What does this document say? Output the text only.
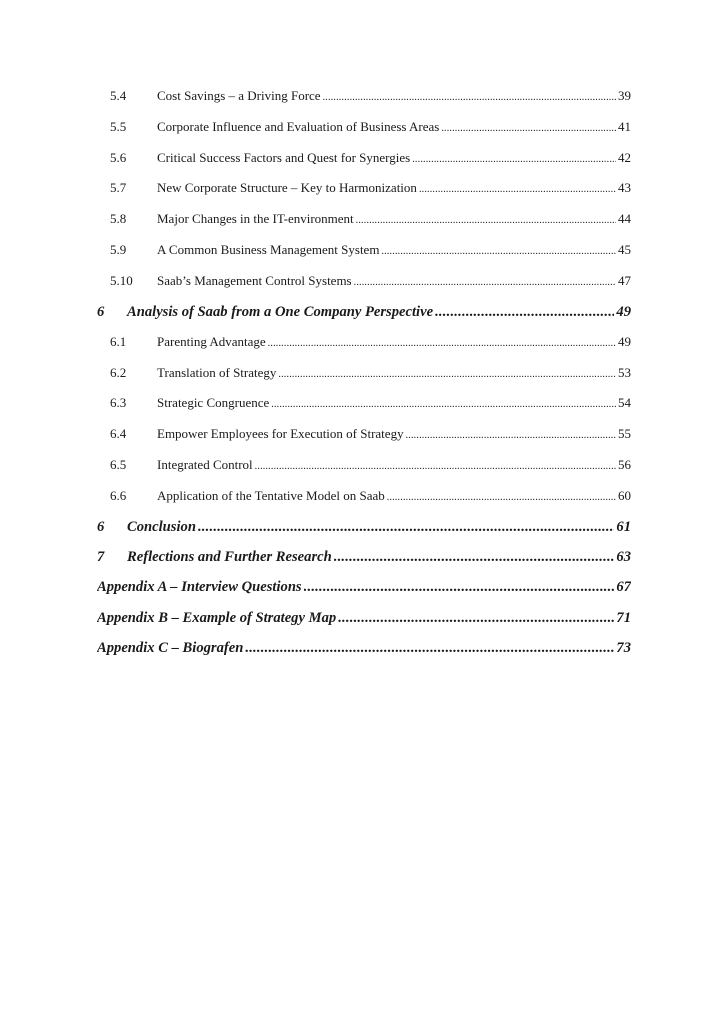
5.4	Cost Savings – a Driving Force .....	39
5.5	Corporate Influence and Evaluation of Business Areas .....	41
5.6	Critical Success Factors and Quest for Synergies .....	42
5.7	New Corporate Structure – Key to Harmonization .....	43
5.8	Major Changes in the IT-environment .....	44
5.9	A Common Business Management System .....	45
5.10	Saab’s Management Control Systems .....	47
6	Analysis of Saab from a One Company Perspective .....	49
6.1	Parenting Advantage .....	49
6.2	Translation of Strategy .....	53
6.3	Strategic Congruence .....	54
6.4	Empower Employees for Execution of Strategy .....	55
6.5	Integrated Control .....	56
6.6	Application of the Tentative Model on Saab .....	60
6	Conclusion .....	61
7	Reflections and Further Research .....	63
Appendix A – Interview Questions .....	67
Appendix B – Example of Strategy Map .....	71
Appendix C – Biografen .....	73
